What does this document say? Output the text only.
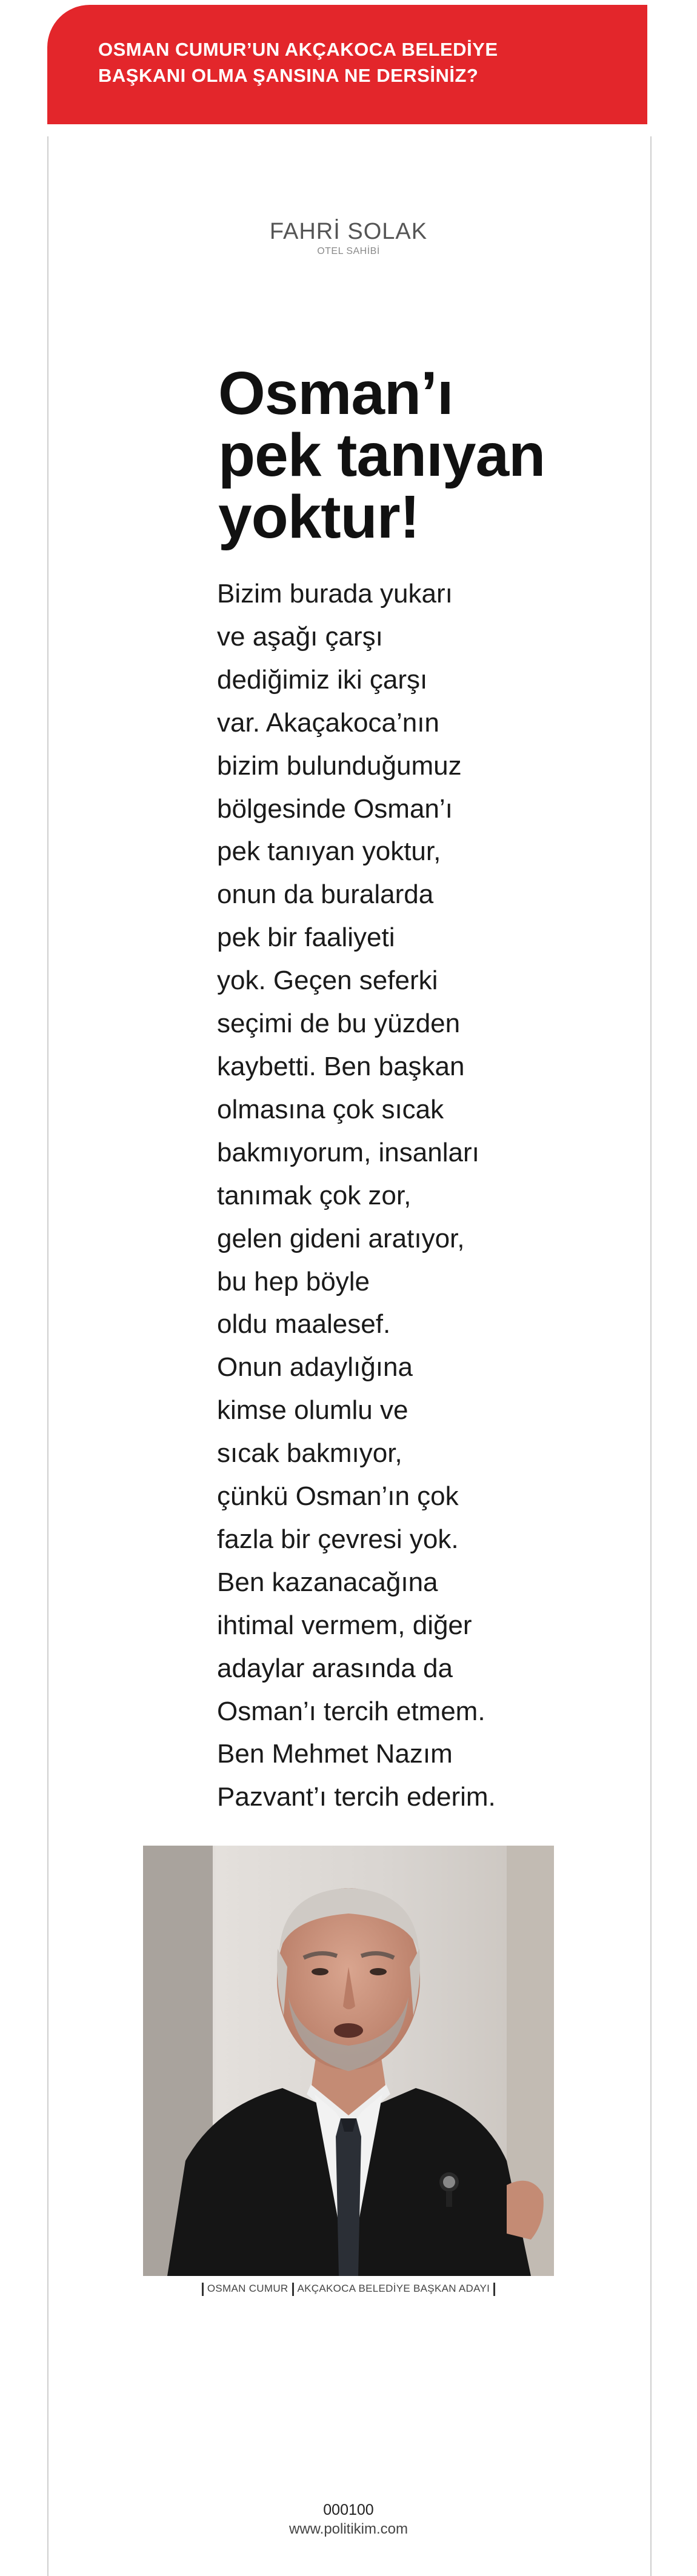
OSMAN CUMUR’UN AKÇAKOCA BELEDİYE
BAŞKANI OLMA ŞANSINA NE DERSİNİZ?
FAHRİ SOLAK
OTEL SAHİBİ
Osman’ı
pek tanıyan
yoktur!
Bizim burada yukarı
ve aşağı çarşı
dediğimiz iki çarşı
var. Akaçakoca’nın
bizim bulunduğumuz
bölgesinde Osman’ı
pek tanıyan yoktur,
onun da buralarda
pek bir faaliyeti
yok. Geçen seferki
seçimi de bu yüzden
kaybetti. Ben başkan
olmasına çok sıcak
bakmıyorum, insanları
tanımak çok zor,
gelen gideni aratıyor,
bu hep böyle
oldu maalesef.
Onun adaylığına
kimse olumlu ve
sıcak bakmıyor,
çünkü Osman’ın çok
fazla bir çevresi yok.
Ben kazanacağına
ihtimal vermem, diğer
adaylar arasında da
Osman’ı tercih etmem.
Ben Mehmet Nazım
Pazvant’ı tercih ederim.
OSMAN CUMUR AKÇAKOCA BELEDİYE BAŞKAN ADAYI
000100
www.politikim.com
